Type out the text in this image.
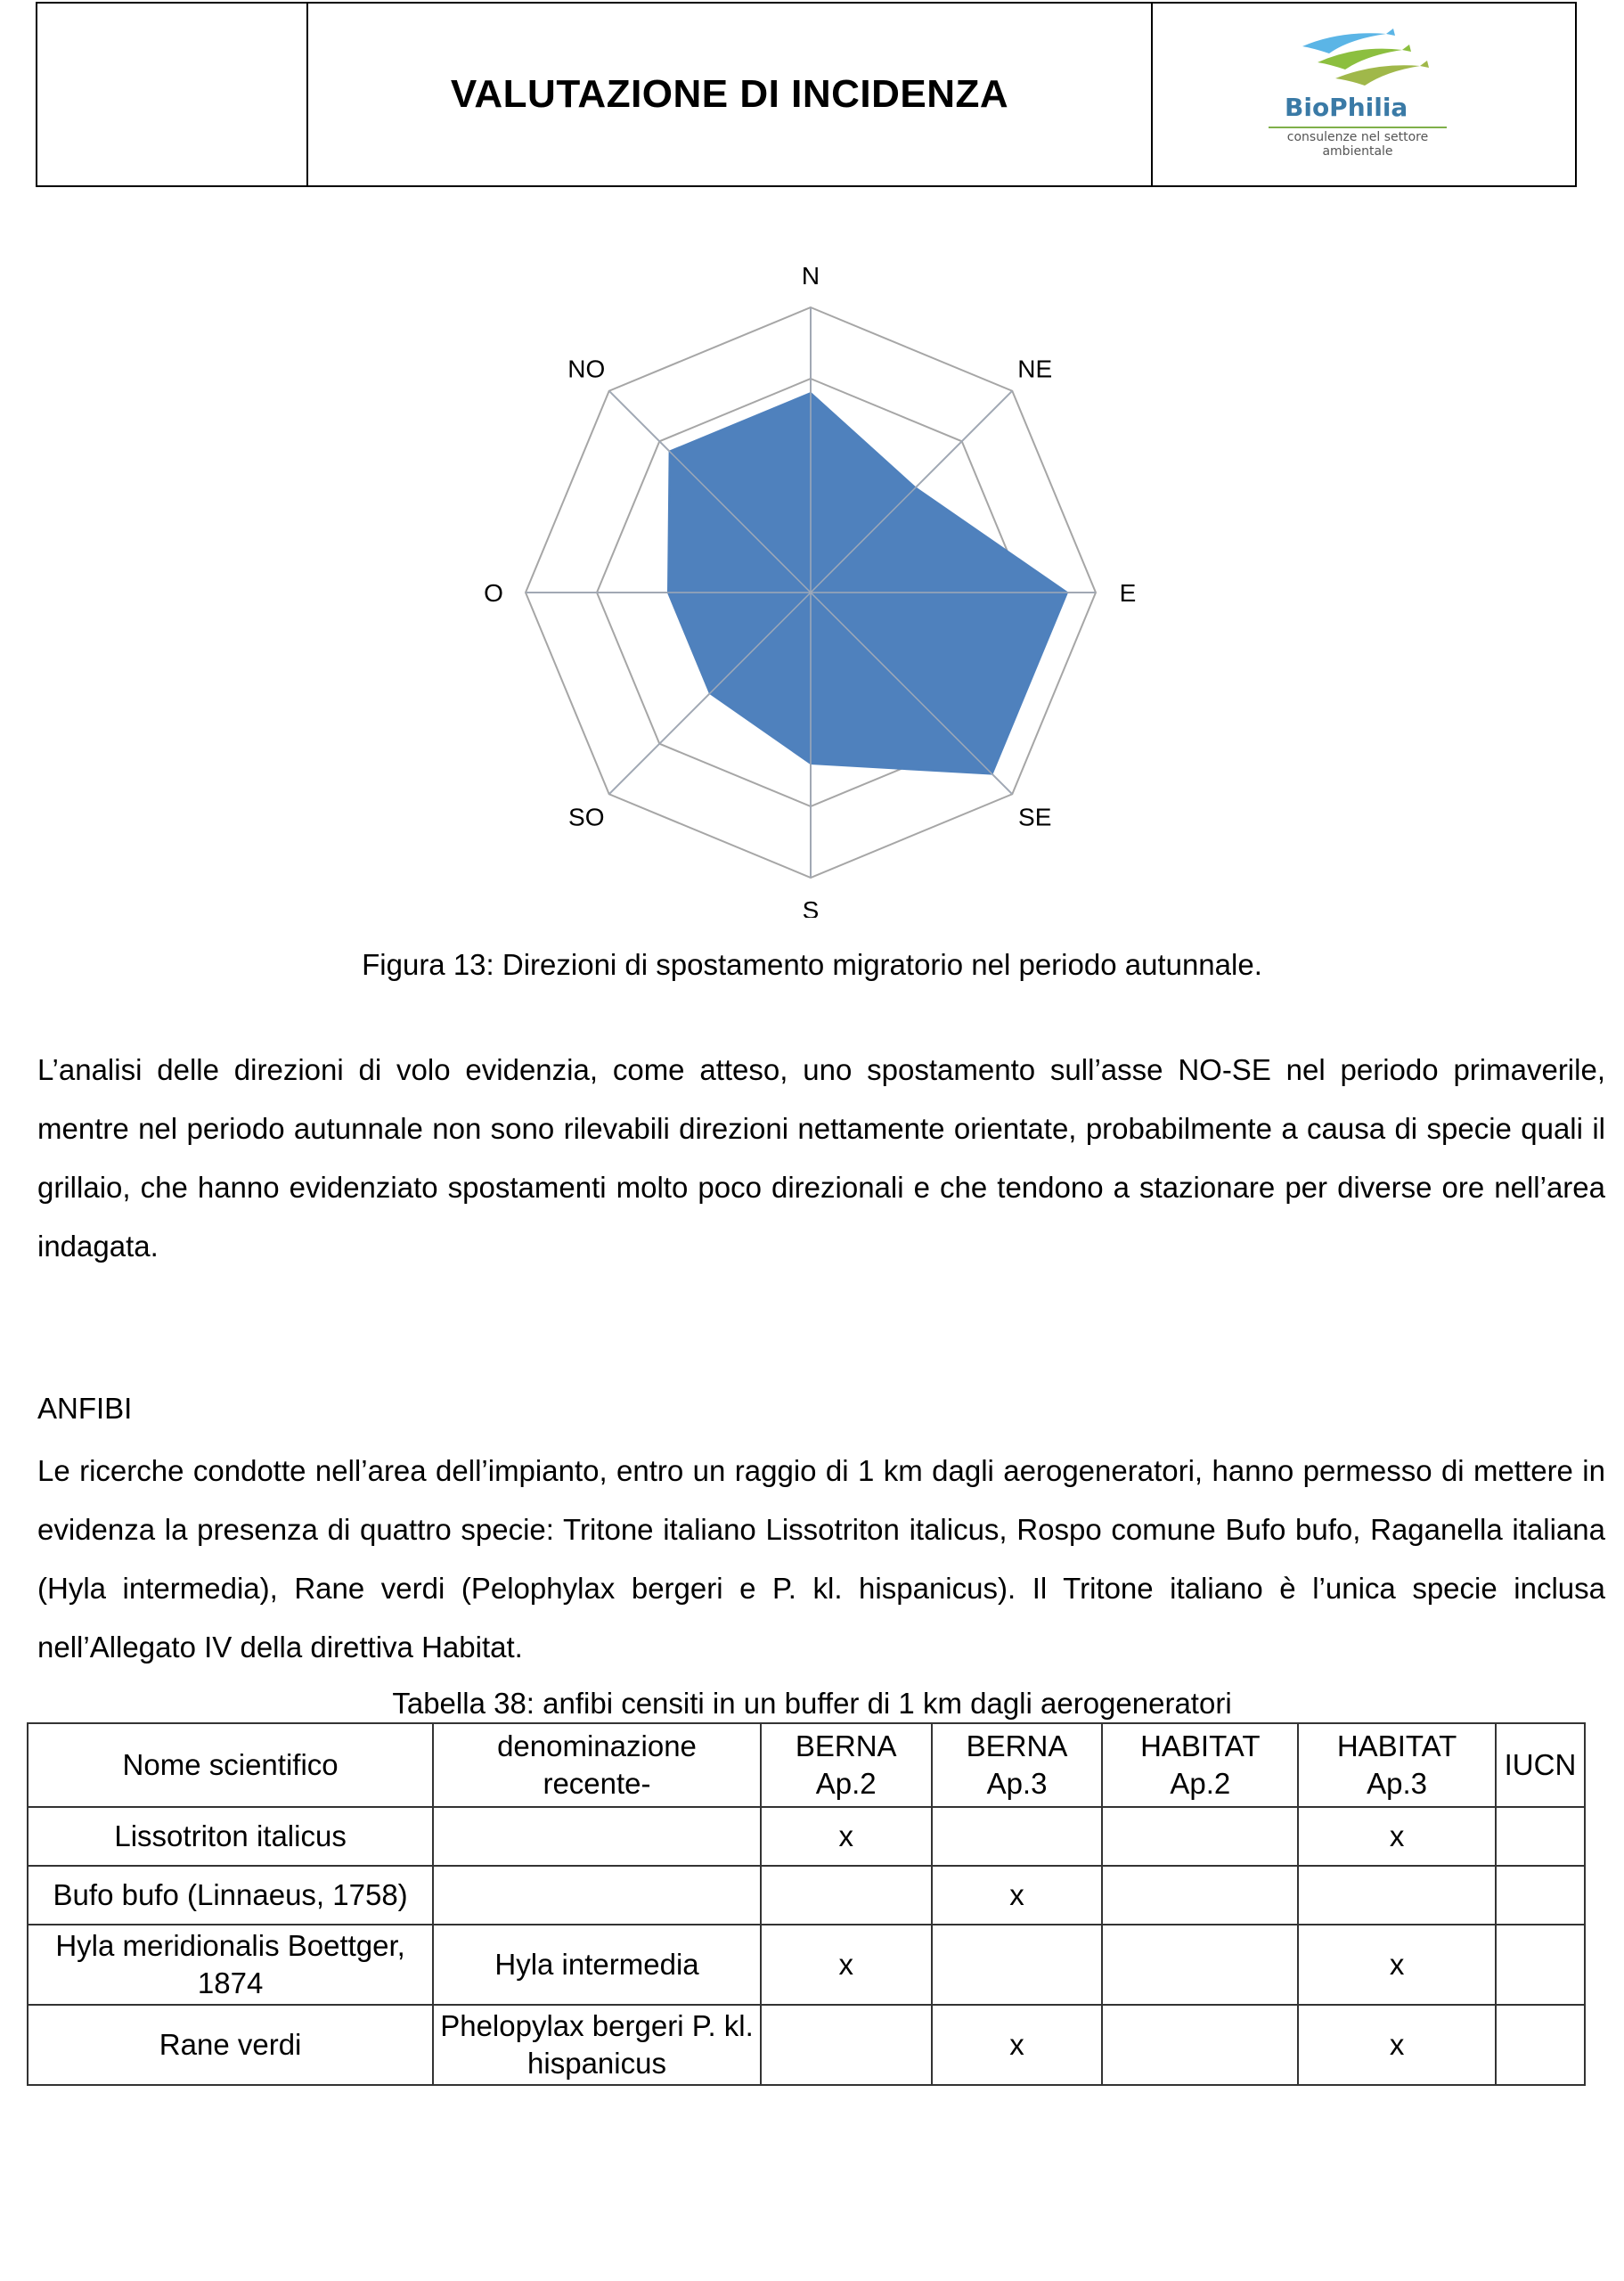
VALUTAZIONE DI INCIDENZA	BioPhilia
consulenze nel settore
ambientale
N
NE
E
SE
S
SO
O
NO
Figura 13: Direzioni di spostamento migratorio nel periodo autunnale.
L’analisi delle direzioni di volo evidenzia, come atteso, uno spostamento sull’asse NO-SE nel periodo primaverile, mentre nel periodo autunnale non sono rilevabili direzioni nettamente orientate, probabilmente a causa di specie quali il grillaio, che hanno evidenziato spostamenti molto poco direzionali e che tendono a stazionare per diverse ore nell’area indagata.
ANFIBI
Le ricerche condotte nell’area dell’impianto, entro un raggio di 1 km dagli aerogeneratori, hanno permesso di mettere in evidenza la presenza di quattro specie: Tritone italiano Lissotriton italicus, Rospo comune Bufo bufo, Raganella italiana (Hyla intermedia), Rane verdi (Pelophylax bergeri e P. kl. hispanicus). Il Tritone italiano è l’unica specie inclusa nell’Allegato IV della direttiva Habitat.
Tabella 38: anfibi censiti in un buffer di 1 km dagli aerogeneratori
Nome scientifico	denominazione recente-	BERNA Ap.2	BERNA Ap.3	HABITAT Ap.2	HABITAT Ap.3	IUCN
Lissotriton italicus		x			x	
Bufo bufo (Linnaeus, 1758)			x			
Hyla meridionalis Boettger, 1874	Hyla intermedia	x			x	
Rane verdi	Phelopylax bergeri P. kl. hispanicus		x		x	
